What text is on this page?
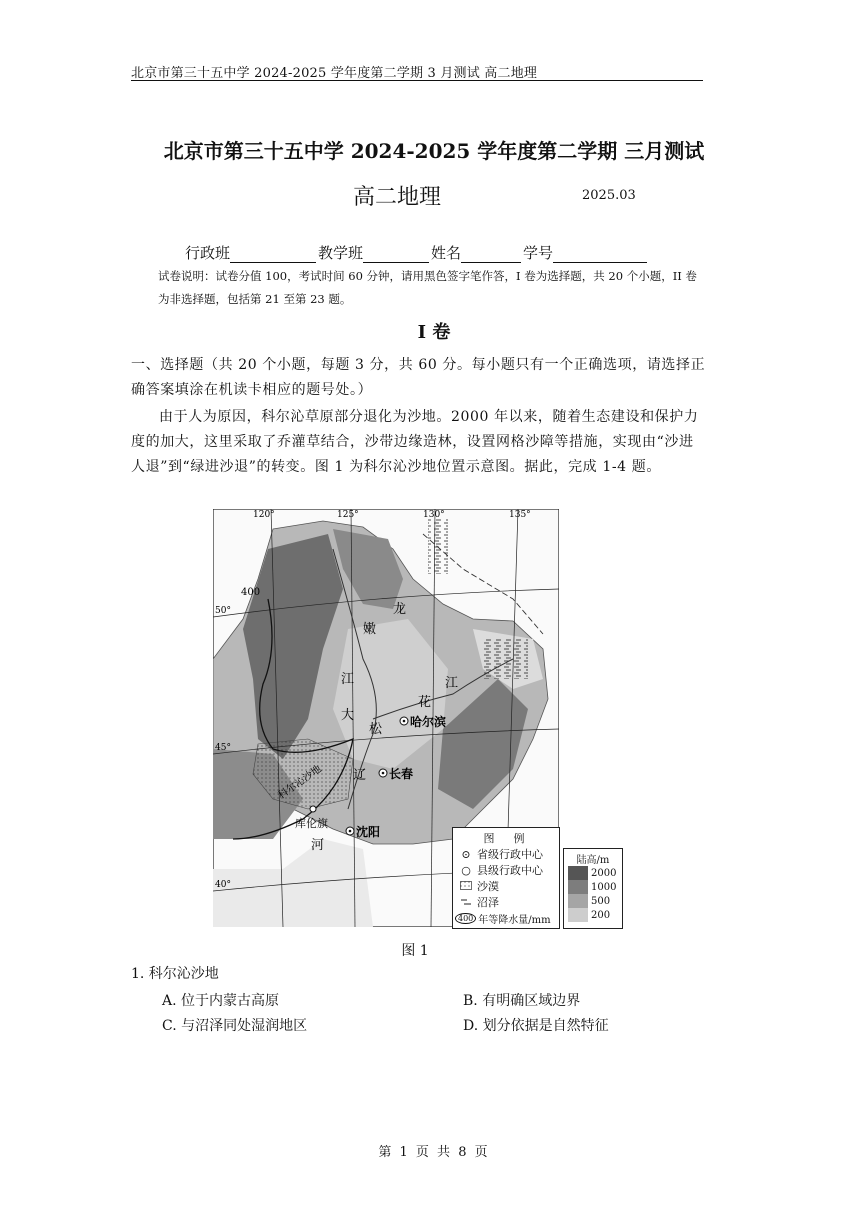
北京市第三十五中学 2024-2025 学年度第二学期 3 月测试 高二地理
北京市第三十五中学 2024-2025 学年度第二学期 三月测试
高二地理	2025.03
行政班	教学班	姓名	学号
试卷说明：试卷分值 100，考试时间 60 分钟，请用黑色签字笔作答，I 卷为选择题，共 20 个小题，II 卷为非选择题，包括第 21 至第 23 题。
I 卷
一、选择题（共 20 个小题，每题 3 分，共 60 分。每小题只有一个正确选项，请选择正确答案填涂在机读卡相应的题号处。）
由于人为原因，科尔沁草原部分退化为沙地。2000 年以来，随着生态建设和保护力度的加大，这里采取了乔灌草结合，沙带边缘造林，设置网格沙障等措施，实现由“沙进人退”到“绿进沙退”的转变。图 1 为科尔沁沙地位置示意图。据此，完成 1-4 题。
120°	125°	130°	135°
50°
45°
40°
400
龙
嫩
江
大
花
江
松
辽
河
科尔沁沙地
哈尔滨
长春
沈阳
库伦旗
图　例
⊙ 省级行政中心
○ 县级行政中心
沙漠
沼泽
400 年等降水量/mm
陆高/m
2000
1000
500
200
图 1
1. 科尔沁沙地
A. 位于内蒙古高原	B. 有明确区域边界
C. 与沼泽同处湿润地区	D. 划分依据是自然特征
第 1 页 共 8 页
